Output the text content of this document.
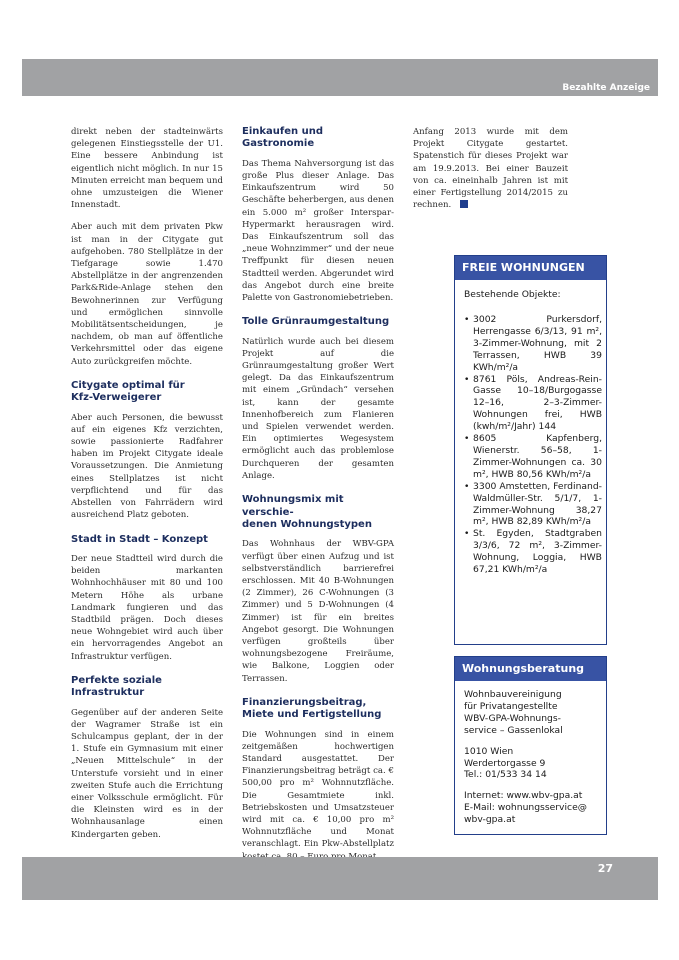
Bezahlte Anzeige

direkt neben der stadteinwärts gelegenen Einstiegsstelle der U1. Eine bessere Anbindung ist eigentlich nicht möglich. In nur 15 Minuten erreicht man bequem und ohne umzusteigen die Wiener Innenstadt.

Aber auch mit dem privaten Pkw ist man in der Citygate gut aufgehoben. 780 Stellplätze in der Tiefgarage sowie 1.470 Abstellplätze in der angrenzenden Park&Ride-Anlage stehen den Bewohnerinnen zur Verfügung und ermöglichen sinnvolle Mobilitätsentscheidungen, je nachdem, ob man auf öffentliche Verkehrsmittel oder das eigene Auto zurückgreifen möchte.

Citygate optimal für
Kfz-Verweigerer

Aber auch Personen, die bewusst auf ein eigenes Kfz verzichten, sowie passionierte Radfahrer haben im Projekt Citygate ideale Voraussetzungen. Die Anmietung eines Stellplatzes ist nicht verpflichtend und für das Abstellen von Fahrrädern wird ausreichend Platz geboten.

Stadt in Stadt – Konzept

Der neue Stadtteil wird durch die beiden markanten Wohnhochhäuser mit 80 und 100 Metern Höhe als urbane Landmark fungieren und das Stadtbild prägen. Doch dieses neue Wohngebiet wird auch über ein hervorragendes Angebot an Infrastruktur verfügen.

Perfekte soziale Infrastruktur

Gegenüber auf der anderen Seite der Wagramer Straße ist ein Schulcampus geplant, der in der 1. Stufe ein Gymnasium mit einer „Neuen Mittelschule“ in der Unterstufe vorsieht und in einer zweiten Stufe auch die Errichtung einer Volksschule ermöglicht. Für die Kleinsten wird es in der Wohnhausanlage einen Kindergarten geben.

Einkaufen und Gastronomie

Das Thema Nahversorgung ist das große Plus dieser Anlage. Das Einkaufszentrum wird 50 Geschäfte beherbergen, aus denen ein 5.000 m² großer Interspar-Hypermarkt herausragen wird. Das Einkaufszentrum soll das „neue Wohnzimmer“ und der neue Treffpunkt für diesen neuen Stadtteil werden. Abgerundet wird das Angebot durch eine breite Palette von Gastronomiebetrieben.

Tolle Grünraumgestaltung

Natürlich wurde auch bei diesem Projekt auf die Grünraumgestaltung großer Wert gelegt. Da das Einkaufszentrum mit einem „Gründach“ versehen ist, kann der gesamte Innenhofbereich zum Flanieren und Spielen verwendet werden. Ein optimiertes Wegesystem ermöglicht auch das problemlose Durchqueren der gesamten Anlage.

Wohnungsmix mit verschie-
denen Wohnungstypen

Das Wohnhaus der WBV-GPA verfügt über einen Aufzug und ist selbstverständlich barrierefrei erschlossen. Mit 40 B-Wohnungen (2 Zimmer), 26 C-Wohnungen (3 Zimmer) und 5 D-Wohnungen (4 Zimmer) ist für ein breites Angebot gesorgt. Die Wohnungen verfügen großteils über wohnungsbezogene Freiräume, wie Balkone, Loggien oder Terrassen.

Finanzierungsbeitrag,
Miete und Fertigstellung

Die Wohnungen sind in einem zeitgemäßen hochwertigen Standard ausgestattet. Der Finanzierungsbeitrag beträgt ca. € 500,00 pro m² Wohnnutzfläche. Die Gesamtmiete inkl. Betriebskosten und Umsatzsteuer wird mit ca. € 10,00 pro m² Wohnnutzfläche und Monat veranschlagt. Ein Pkw-Abstellplatz

Anfang 2013 wurde mit dem Projekt Citygate gestartet. Spatenstich für dieses Projekt war am 19.9.2013. Bei einer Bauzeit von ca. eineinhalb Jahren ist mit einer Fertigstellung 2014/2015 zu rechnen.

FREIE WOHNUNGEN
Bestehende Objekte:
• 3002 Purkersdorf, Herrengasse 6/3/13, 91 m², 3-Zimmer-Wohnung, mit 2 Terrassen, HWB 39 KWh/m²/a
• 8761 Pöls, Andreas-Rein-Gasse 10–18/Burgogasse 12–16, 2–3-Zimmer-Wohnungen frei, HWB (kwh/m²/Jahr) 144
• 8605 Kapfenberg, Wienerstr. 56–58, 1-Zimmer-Wohnungen ca. 30 m², HWB 80,56 KWh/m²/a
• 3300 Amstetten, Ferdinand-Waldmüller-Str. 5/1/7, 1- Zimmer-Wohnung 38,27 m², HWB 82,89 KWh/m²/a
• St. Egyden, Stadtgraben 3/3/6, 72 m², 3-Zimmer-Wohnung, Loggia, HWB 67,21 KWh/m²/a
Wohnungsberatung
Wohnbauvereinigung
für Privatangestellte
WBV-GPA-Wohnungs-
service – Gassenlokal
1010 Wien
Werdertorgasse 9
Tel.: 01/533 34 14
Internet: www.wbv-gpa.at
E-Mail: wohnungsservice@
wbv-gpa.at
27
